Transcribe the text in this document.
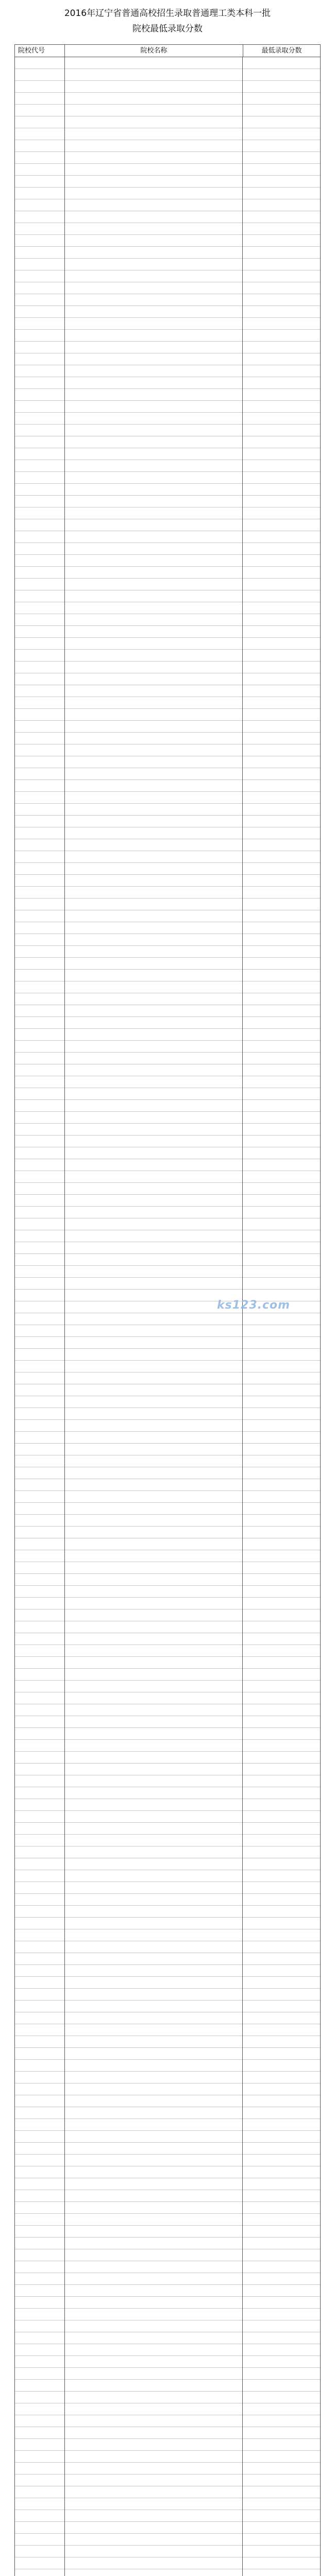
2016年辽宁省普通高校招生录取普通理工类本科一批
院校最低录取分数
院校代号	院校名称	最低录取分数
ks123.com
